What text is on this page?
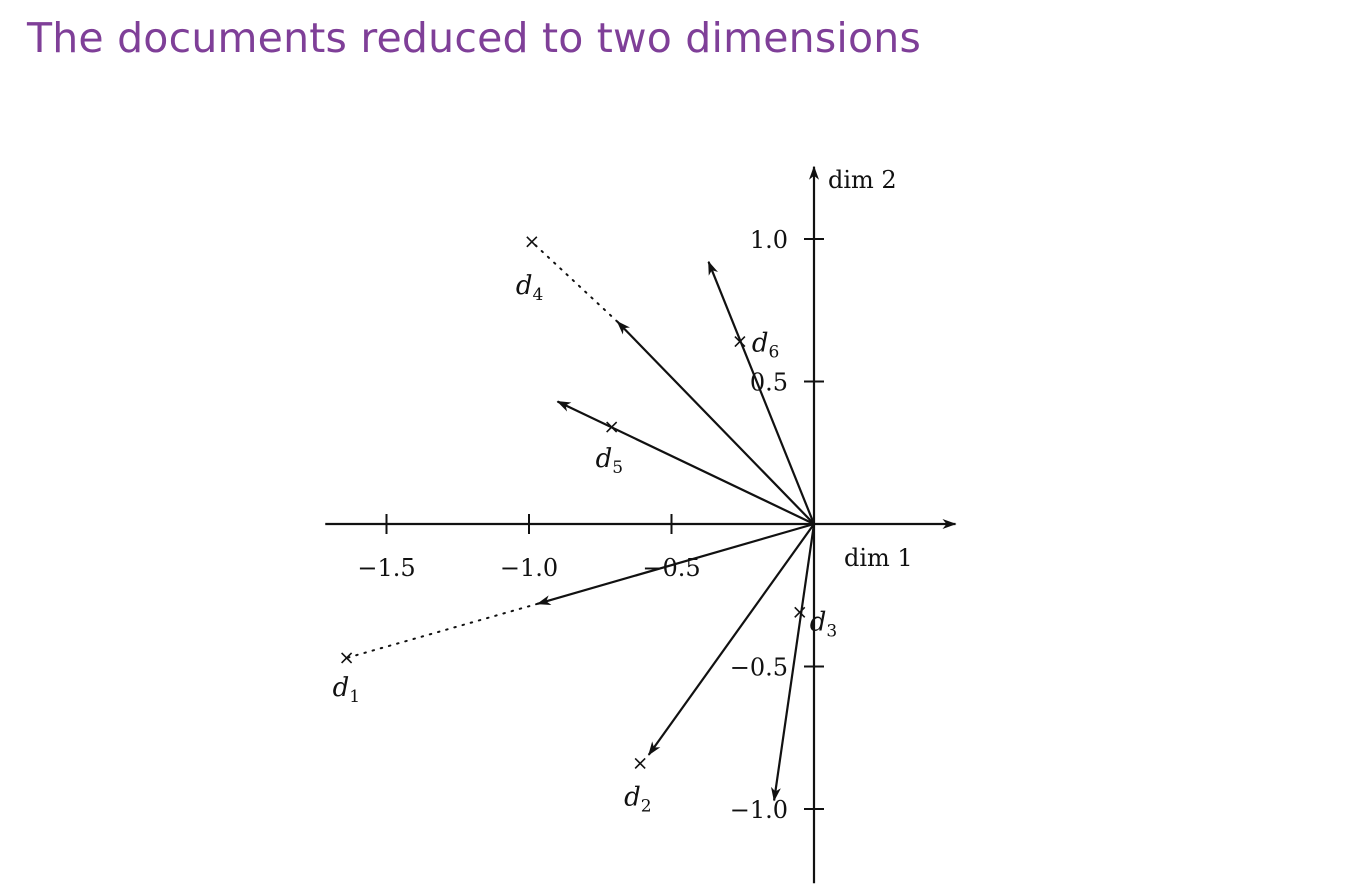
The documents reduced to two dimensions
dim 1
dim 2
−1.5	−1.0	−0.5
1.0
0.5
−0.5
−1.0
$d_1$
$d_2$
$d_3$
$d_4$
$d_5$
$d_6$
